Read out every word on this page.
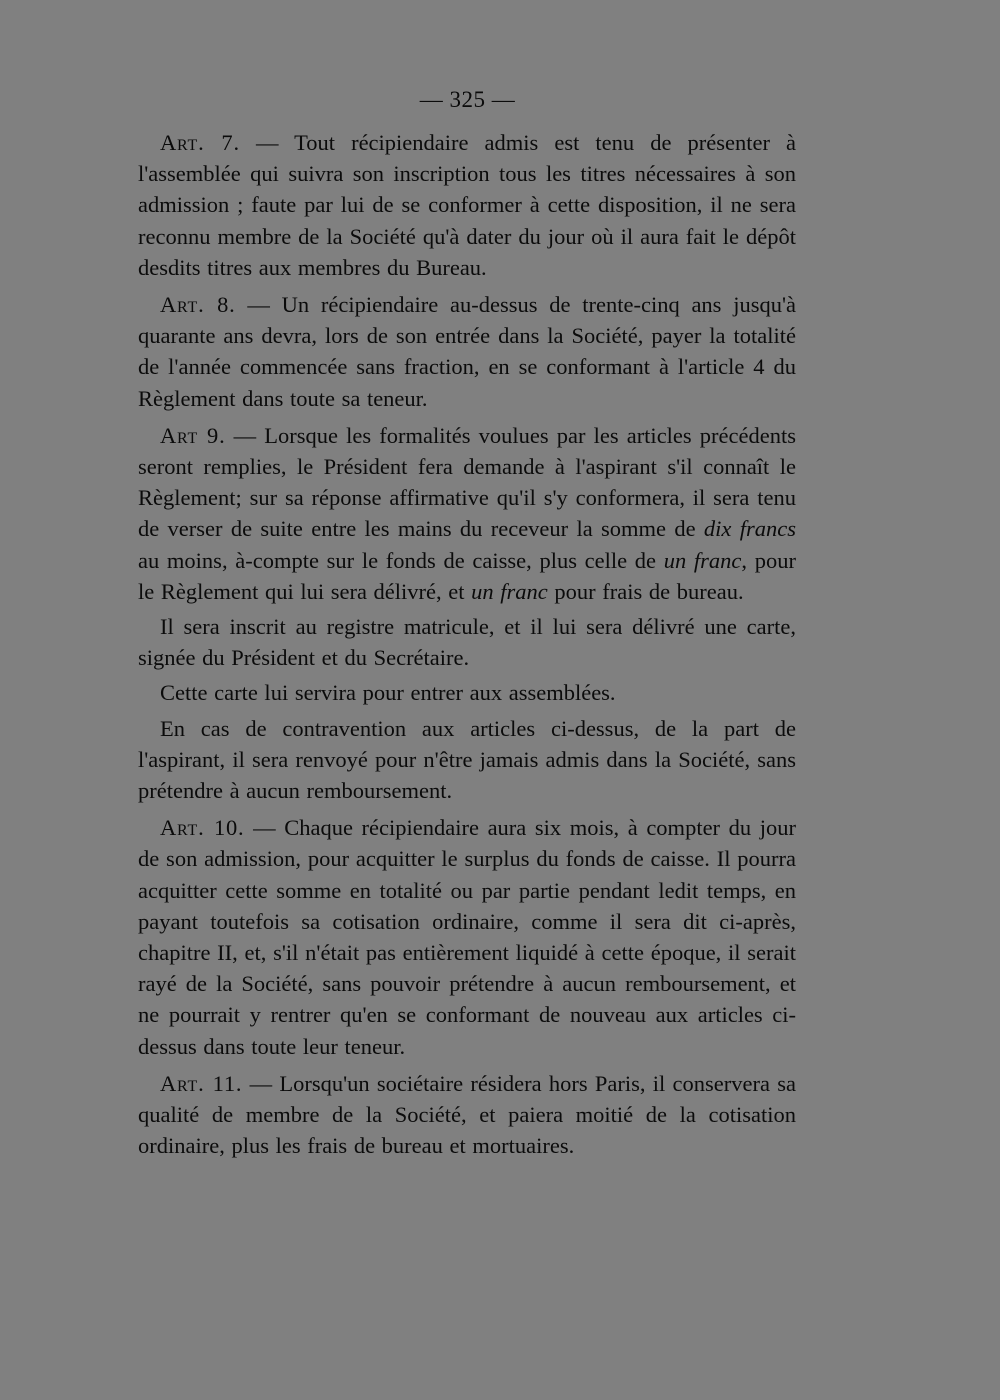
— 325 —

Art. 7. — Tout récipiendaire admis est tenu de présenter à l'assemblée qui suivra son inscription tous les titres nécessaires à son admission ; faute par lui de se conformer à cette disposition, il ne sera reconnu membre de la Société qu'à dater du jour où il aura fait le dépôt desdits titres aux membres du Bureau.

Art. 8. — Un récipiendaire au-dessus de trente-cinq ans jusqu'à quarante ans devra, lors de son entrée dans la Société, payer la totalité de l'année commencée sans fraction, en se conformant à l'article 4 du Règlement dans toute sa teneur.

Art 9. — Lorsque les formalités voulues par les articles précédents seront remplies, le Président fera demande à l'aspirant s'il connaît le Règlement; sur sa réponse affirmative qu'il s'y conformera, il sera tenu de verser de suite entre les mains du receveur la somme de dix francs au moins, à-compte sur le fonds de caisse, plus celle de un franc, pour le Règlement qui lui sera délivré, et un franc pour frais de bureau.

Il sera inscrit au registre matricule, et il lui sera délivré une carte, signée du Président et du Secrétaire.

Cette carte lui servira pour entrer aux assemblées.

En cas de contravention aux articles ci-dessus, de la part de l'aspirant, il sera renvoyé pour n'être jamais admis dans la Société, sans prétendre à aucun remboursement.

Art. 10. — Chaque récipiendaire aura six mois, à compter du jour de son admission, pour acquitter le surplus du fonds de caisse. Il pourra acquitter cette somme en totalité ou par partie pendant ledit temps, en payant toutefois sa cotisation ordinaire, comme il sera dit ci-après, chapitre II, et, s'il n'était pas entièrement liquidé à cette époque, il serait rayé de la Société, sans pouvoir prétendre à aucun remboursement, et ne pourrait y rentrer qu'en se conformant de nouveau aux articles ci-dessus dans toute leur teneur.

Art. 11. — Lorsqu'un sociétaire résidera hors Paris, il conservera sa qualité de membre de la Société, et paiera moitié de la cotisation ordinaire, plus les frais de bureau et mortuaires.
